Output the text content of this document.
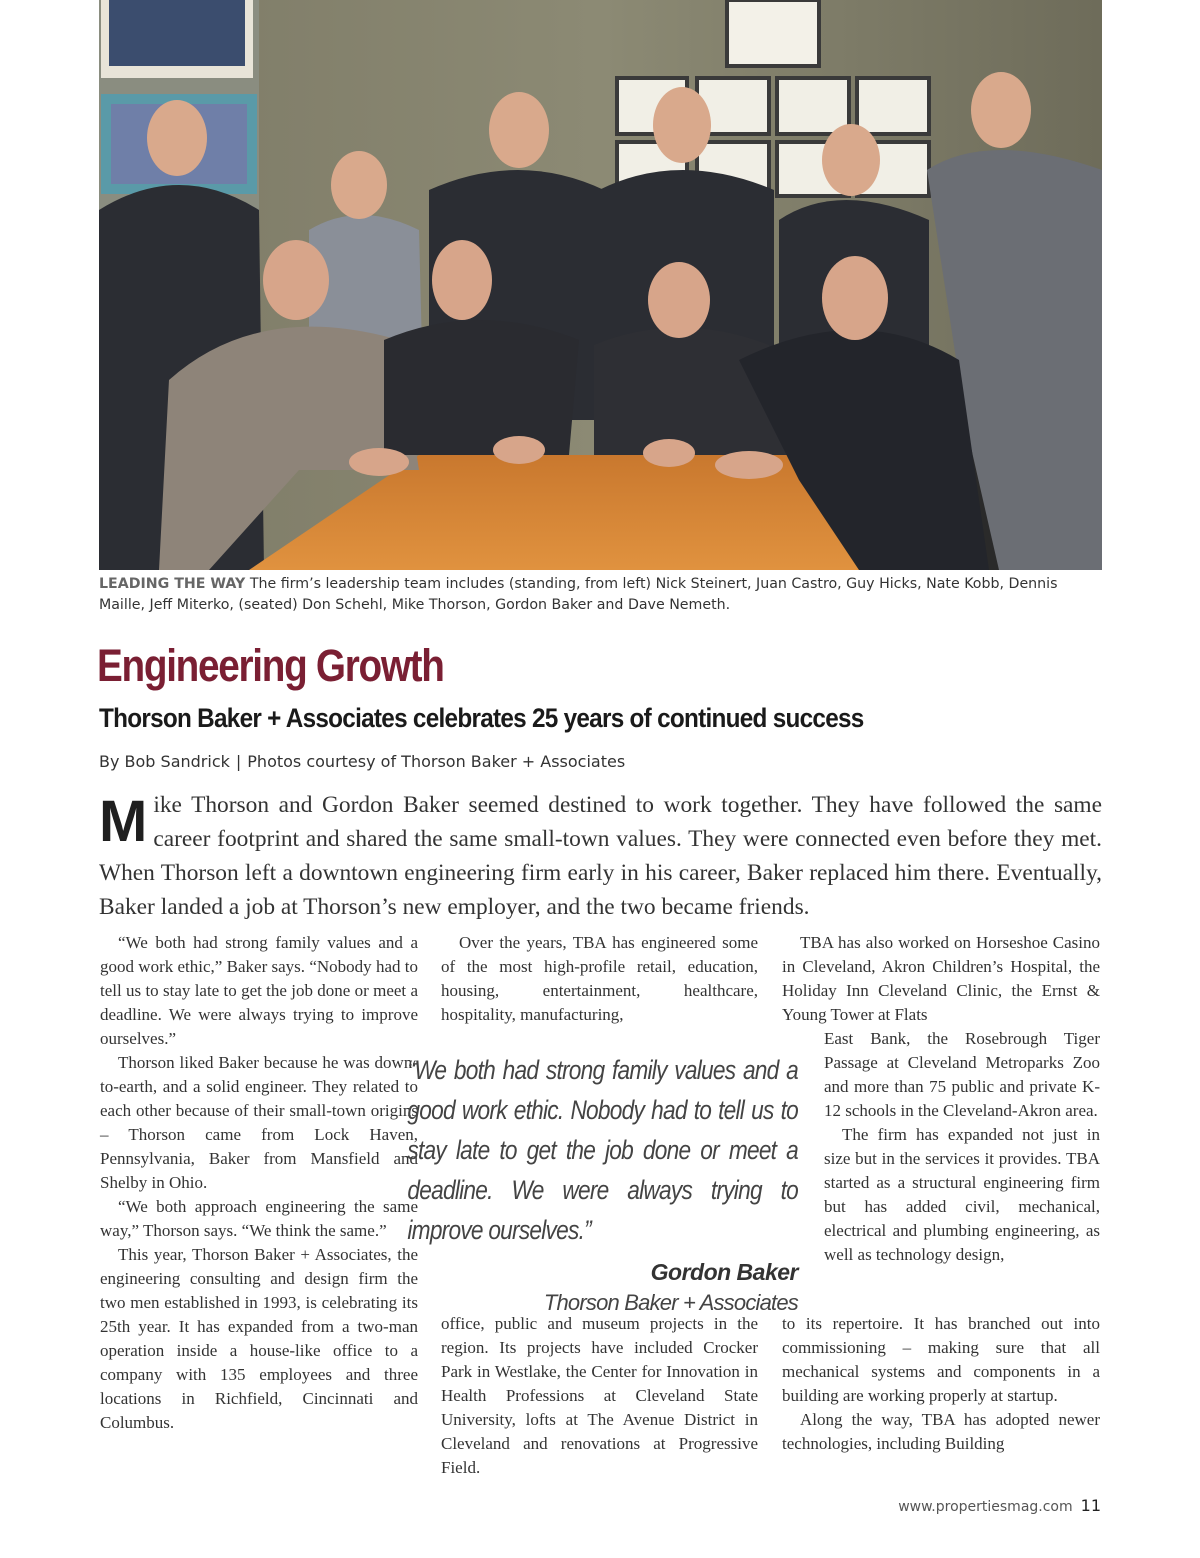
LEADING THE WAY The firm’s leadership team includes (standing, from left) Nick Steinert, Juan Castro, Guy Hicks, Nate Kobb, Dennis Maille, Jeff Miterko, (seated) Don Schehl, Mike Thorson, Gordon Baker and Dave Nemeth.
Engineering Growth
Thorson Baker + Associates celebrates 25 years of continued success
By Bob Sandrick | Photos courtesy of Thorson Baker + Associates

Mike Thorson and Gordon Baker seemed destined to work together. They have followed the same career footprint and shared the same small-town values. They were connected even before they met. When Thorson left a downtown engineering firm early in his career, Baker replaced him there. Eventually, Baker landed a job at Thorson’s new employer, and the two became friends.

“We both had strong family values and a good work ethic,” Baker says. “Nobody had to tell us to stay late to get the job done or meet a deadline. We were always trying to improve ourselves.”

Thorson liked Baker because he was down-to-earth, and a solid engineer. They related to each other because of their small-town origins – Thorson came from Lock Haven, Pennsylvania, Baker from Mansfield and Shelby in Ohio.

“We both approach engineering the same way,” Thorson says. “We think the same.”

This year, Thorson Baker + Associates, the engineering consulting and design firm the two men established in 1993, is celebrating its 25th year. It has expanded from a two-man operation inside a house-like office to a company with 135 employees and three locations in Richfield, Cincinnati and Columbus.

Over the years, TBA has engineered some of the most high-profile retail, education, housing, entertainment, healthcare, hospitality, manufacturing,

office, public and museum projects in the region. Its projects have included Crocker Park in Westlake, the Center for Innovation in Health Professions at Cleveland State University, lofts at The Avenue District in Cleveland and renovations at Progressive Field.

“We both had strong family values and a good work ethic. Nobody had to tell us to stay late to get the job done or meet a deadline. We were always trying to improve ourselves.”
Gordon Baker
Thorson Baker + Associates

TBA has also worked on Horseshoe Casino in Cleveland, Akron Children’s Hospital, the Holiday Inn Cleveland Clinic, the Ernst & Young Tower at Flats

East Bank, the Rosebrough Tiger Passage at Cleveland Metroparks Zoo and more than 75 public and private K-12 schools in the Cleveland-Akron area.

The firm has expanded not just in size but in the services it provides. TBA started as a structural engineering firm but has added civil, mechanical, electrical and plumbing engineering, as well as technology design,

to its repertoire. It has branched out into commissioning – making sure that all mechanical systems and components in a building are working properly at startup.

Along the way, TBA has adopted newer technologies, including Building

www.propertiesmag.com 11
